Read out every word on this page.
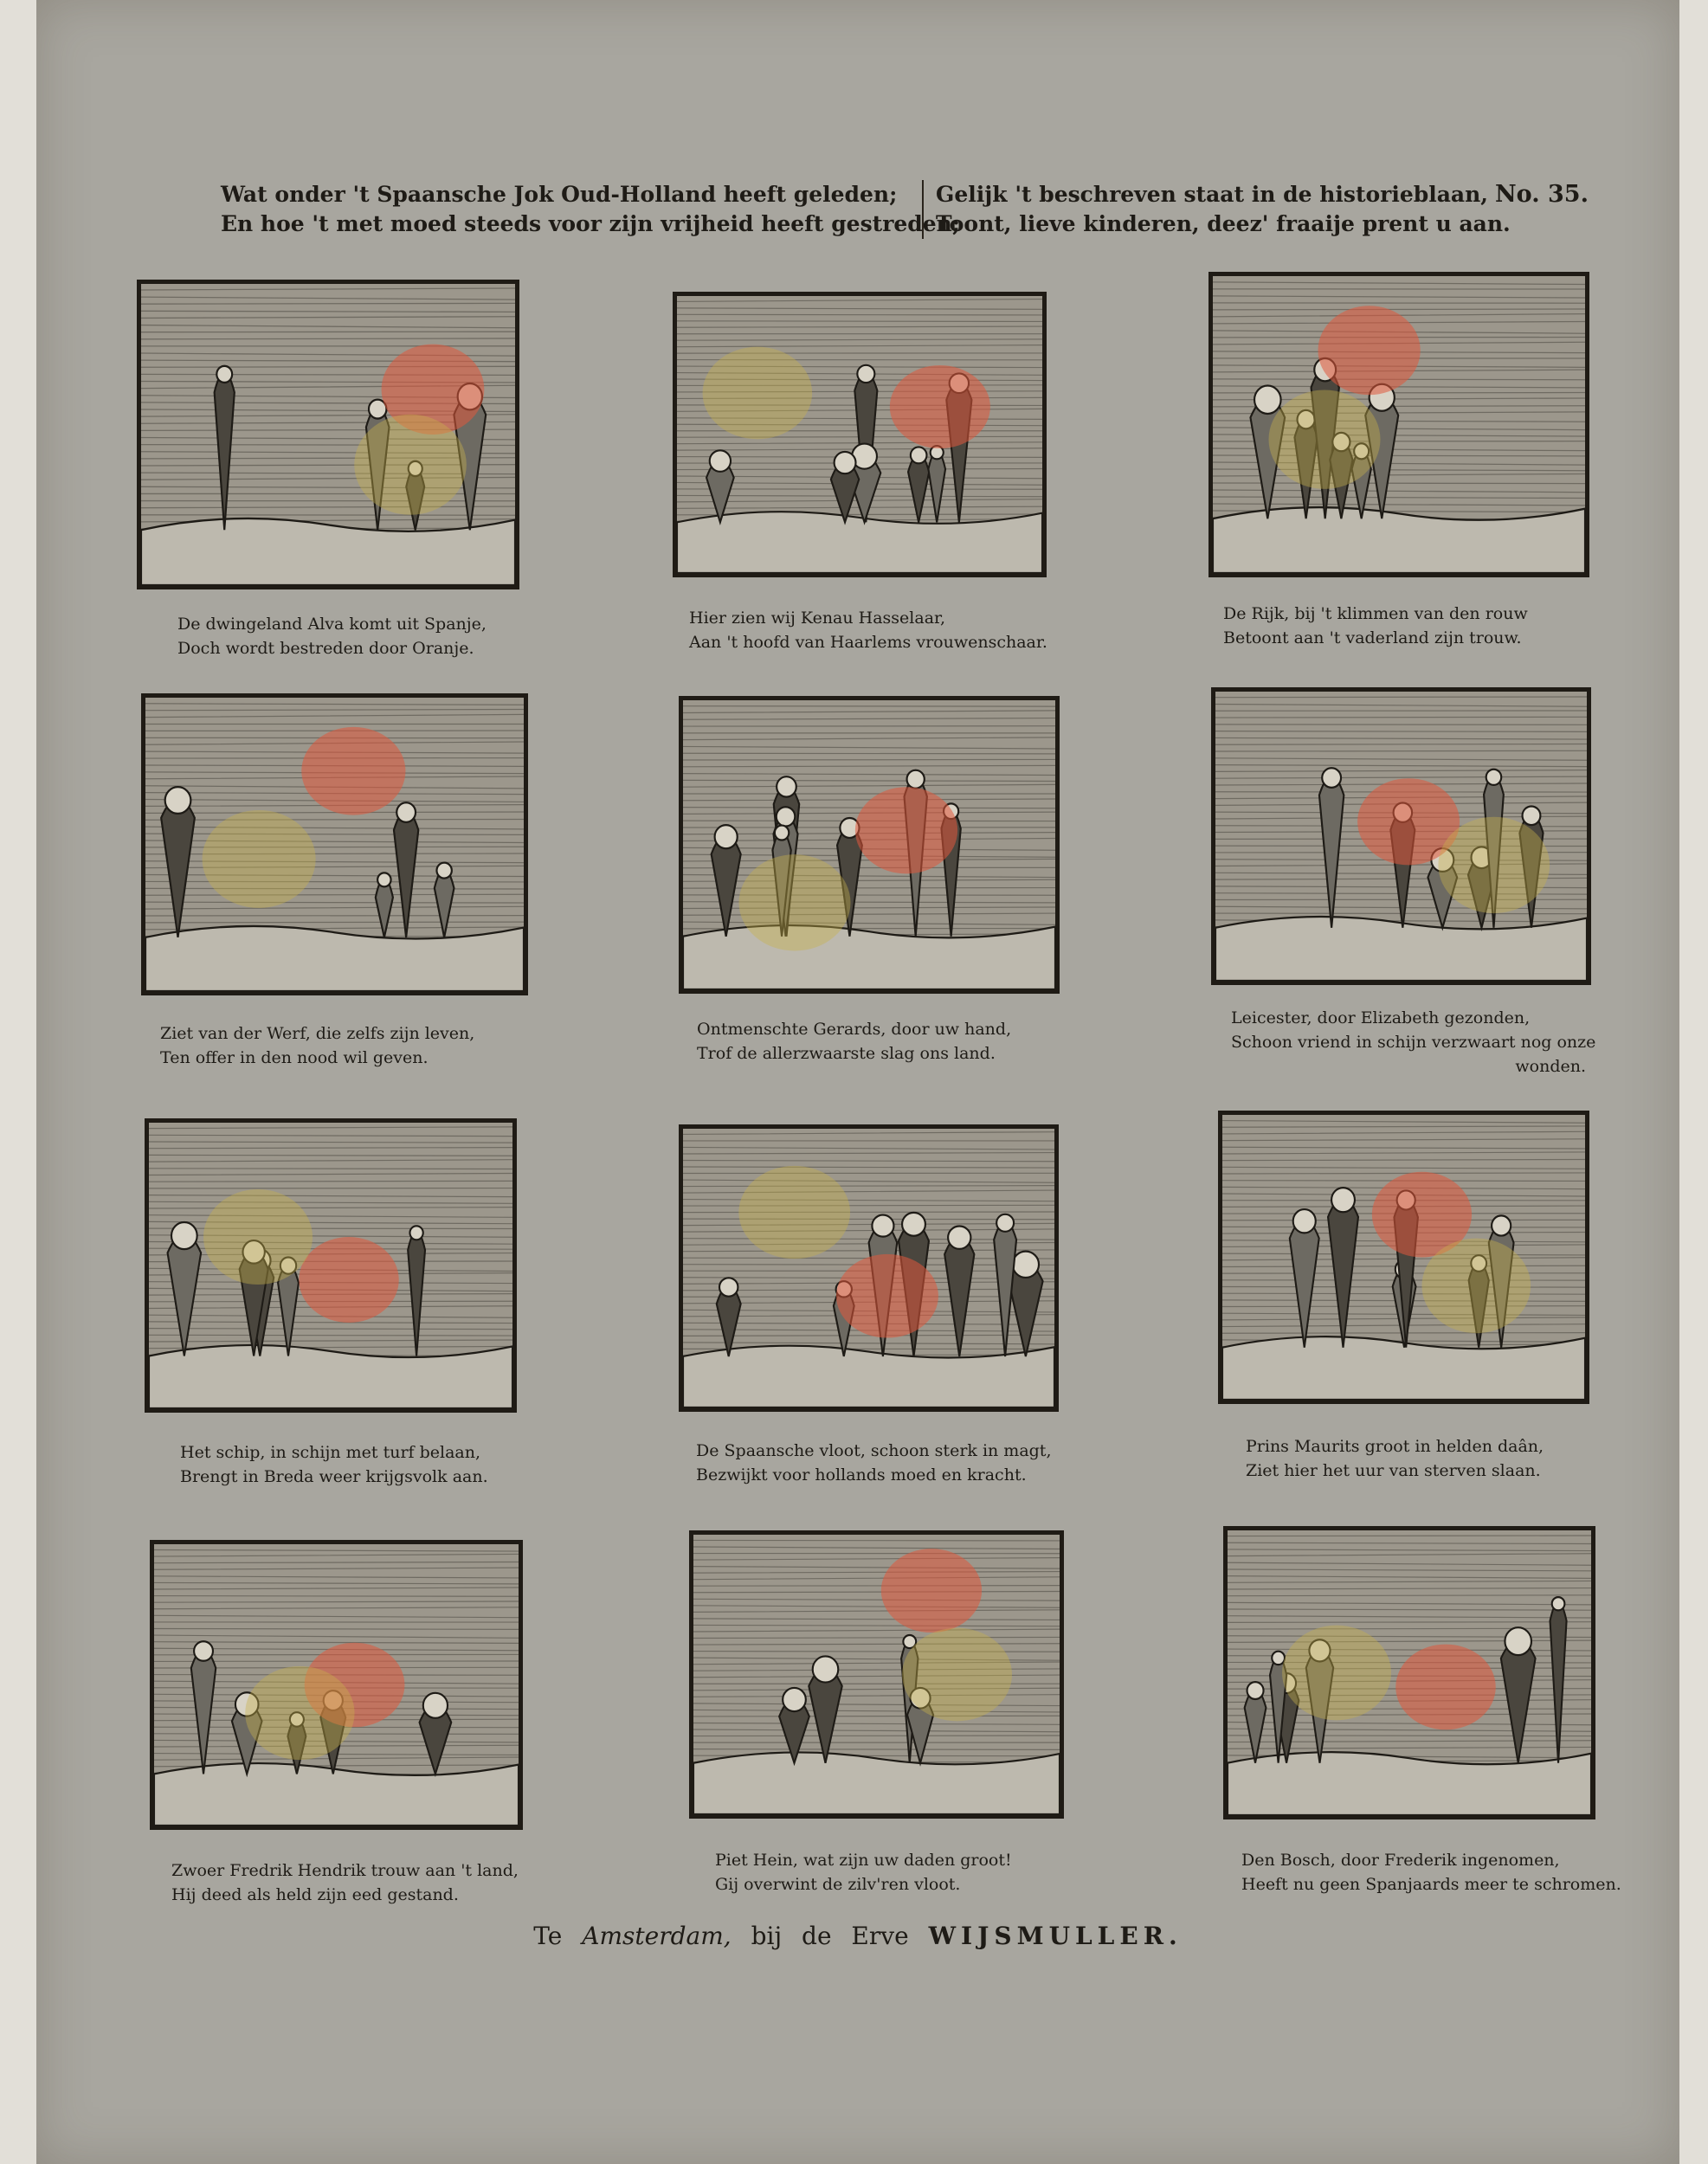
Wat onder 't Spaansche Jok Oud-Holland heeft geleden;
En hoe 't met moed steeds voor zijn vrijheid heeft gestreden;
Gelijk 't beschreven staat in de historieblaan,
Toont, lieve kinderen, deez' fraaije prent u aan.
No. 35.
De dwingeland Alva komt uit Spanje,
Doch wordt bestreden door Oranje.
Hier zien wij Kenau Hasselaar,
Aan 't hoofd van Haarlems vrouwenschaar.
De Rijk, bij 't klimmen van den rouw
Betoont aan 't vaderland zijn trouw.
Ziet van der Werf, die zelfs zijn leven,
Ten offer in den nood wil geven.
Ontmenschte Gerards, door uw hand,
Trof de allerzwaarste slag ons land.
Leicester, door Elizabeth gezonden,
Schoon vriend in schijn verzwaart nog onze
wonden.
Het schip, in schijn met turf belaan,
Brengt in Breda weer krijgsvolk aan.
De Spaansche vloot, schoon sterk in magt,
Bezwijkt voor hollands moed en kracht.
Prins Maurits groot in helden daân,
Ziet hier het uur van sterven slaan.
Zwoer Fredrik Hendrik trouw aan 't land,
Hij deed als held zijn eed gestand.
Piet Hein, wat zijn uw daden groot!
Gij overwint de zilv'ren vloot.
Den Bosch, door Frederik ingenomen,
Heeft nu geen Spanjaards meer te schromen.
Te Amsterdam, bij de Erve WIJSMULLER.
